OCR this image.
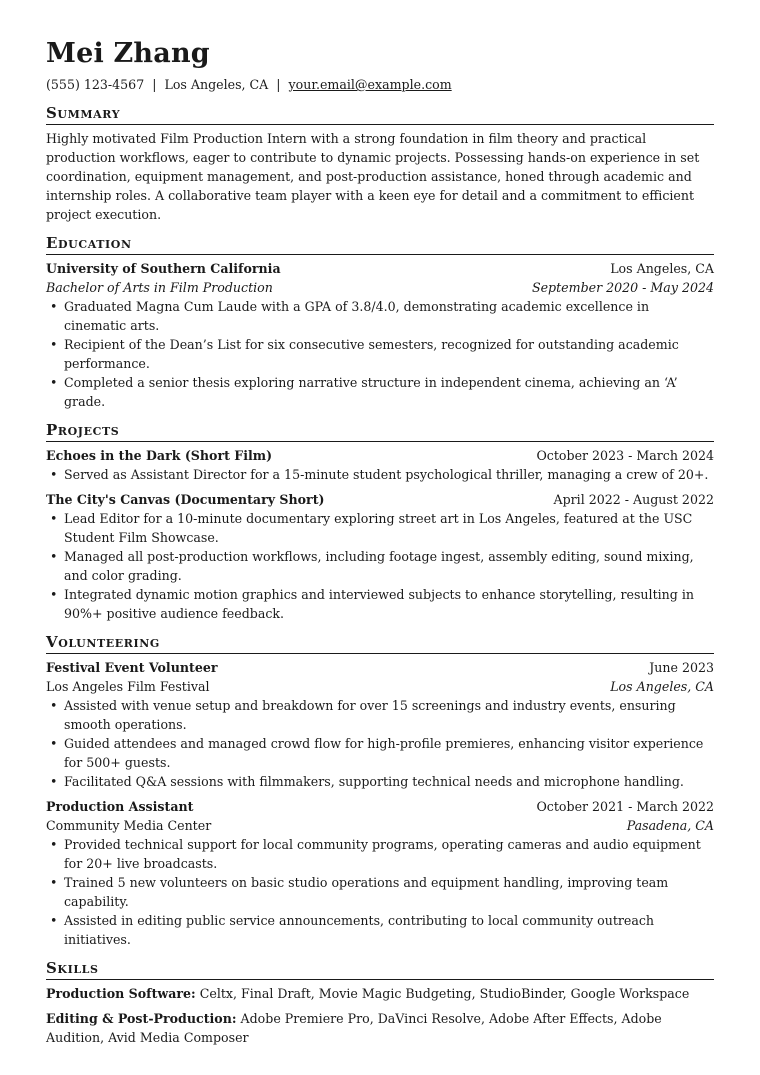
Mei Zhang
(555) 123-4567 | Los Angeles, CA | your.email@example.com
Summary

Highly motivated Film Production Intern with a strong foundation in film theory and practical production workflows, eager to contribute to dynamic projects. Possessing hands-on experience in set coordination, equipment management, and post-production assistance, honed through academic and internship roles. A collaborative team player with a keen eye for detail and a commitment to efficient project execution.

Education
University of Southern California	Los Angeles, CA
Bachelor of Arts in Film Production	September 2020 - May 2024
• Graduated Magna Cum Laude with a GPA of 3.8/4.0, demonstrating academic excellence in cinematic arts.
• Recipient of the Dean’s List for six consecutive semesters, recognized for outstanding academic performance.
• Completed a senior thesis exploring narrative structure in independent cinema, achieving an ‘A’ grade.
Projects
Echoes in the Dark (Short Film)	October 2023 - March 2024
• Served as Assistant Director for a 15-minute student psychological thriller, managing a crew of 20+.
The City's Canvas (Documentary Short)	April 2022 - August 2022
• Lead Editor for a 10-minute documentary exploring street art in Los Angeles, featured at the USC Student Film Showcase.
• Managed all post-production workflows, including footage ingest, assembly editing, sound mixing, and color grading.
• Integrated dynamic motion graphics and interviewed subjects to enhance storytelling, resulting in 90%+ positive audience feedback.
Volunteering
Festival Event Volunteer	June 2023
Los Angeles Film Festival	Los Angeles, CA
• Assisted with venue setup and breakdown for over 15 screenings and industry events, ensuring smooth operations.
• Guided attendees and managed crowd flow for high-profile premieres, enhancing visitor experience for 500+ guests.
• Facilitated Q&A sessions with filmmakers, supporting technical needs and microphone handling.
Production Assistant	October 2021 - March 2022
Community Media Center	Pasadena, CA
• Provided technical support for local community programs, operating cameras and audio equipment for 20+ live broadcasts.
• Trained 5 new volunteers on basic studio operations and equipment handling, improving team capability.
• Assisted in editing public service announcements, contributing to local community outreach initiatives.
Skills

Production Software: Celtx, Final Draft, Movie Magic Budgeting, StudioBinder, Google Workspace

Editing & Post-Production: Adobe Premiere Pro, DaVinci Resolve, Adobe After Effects, Adobe Audition, Avid Media Composer
